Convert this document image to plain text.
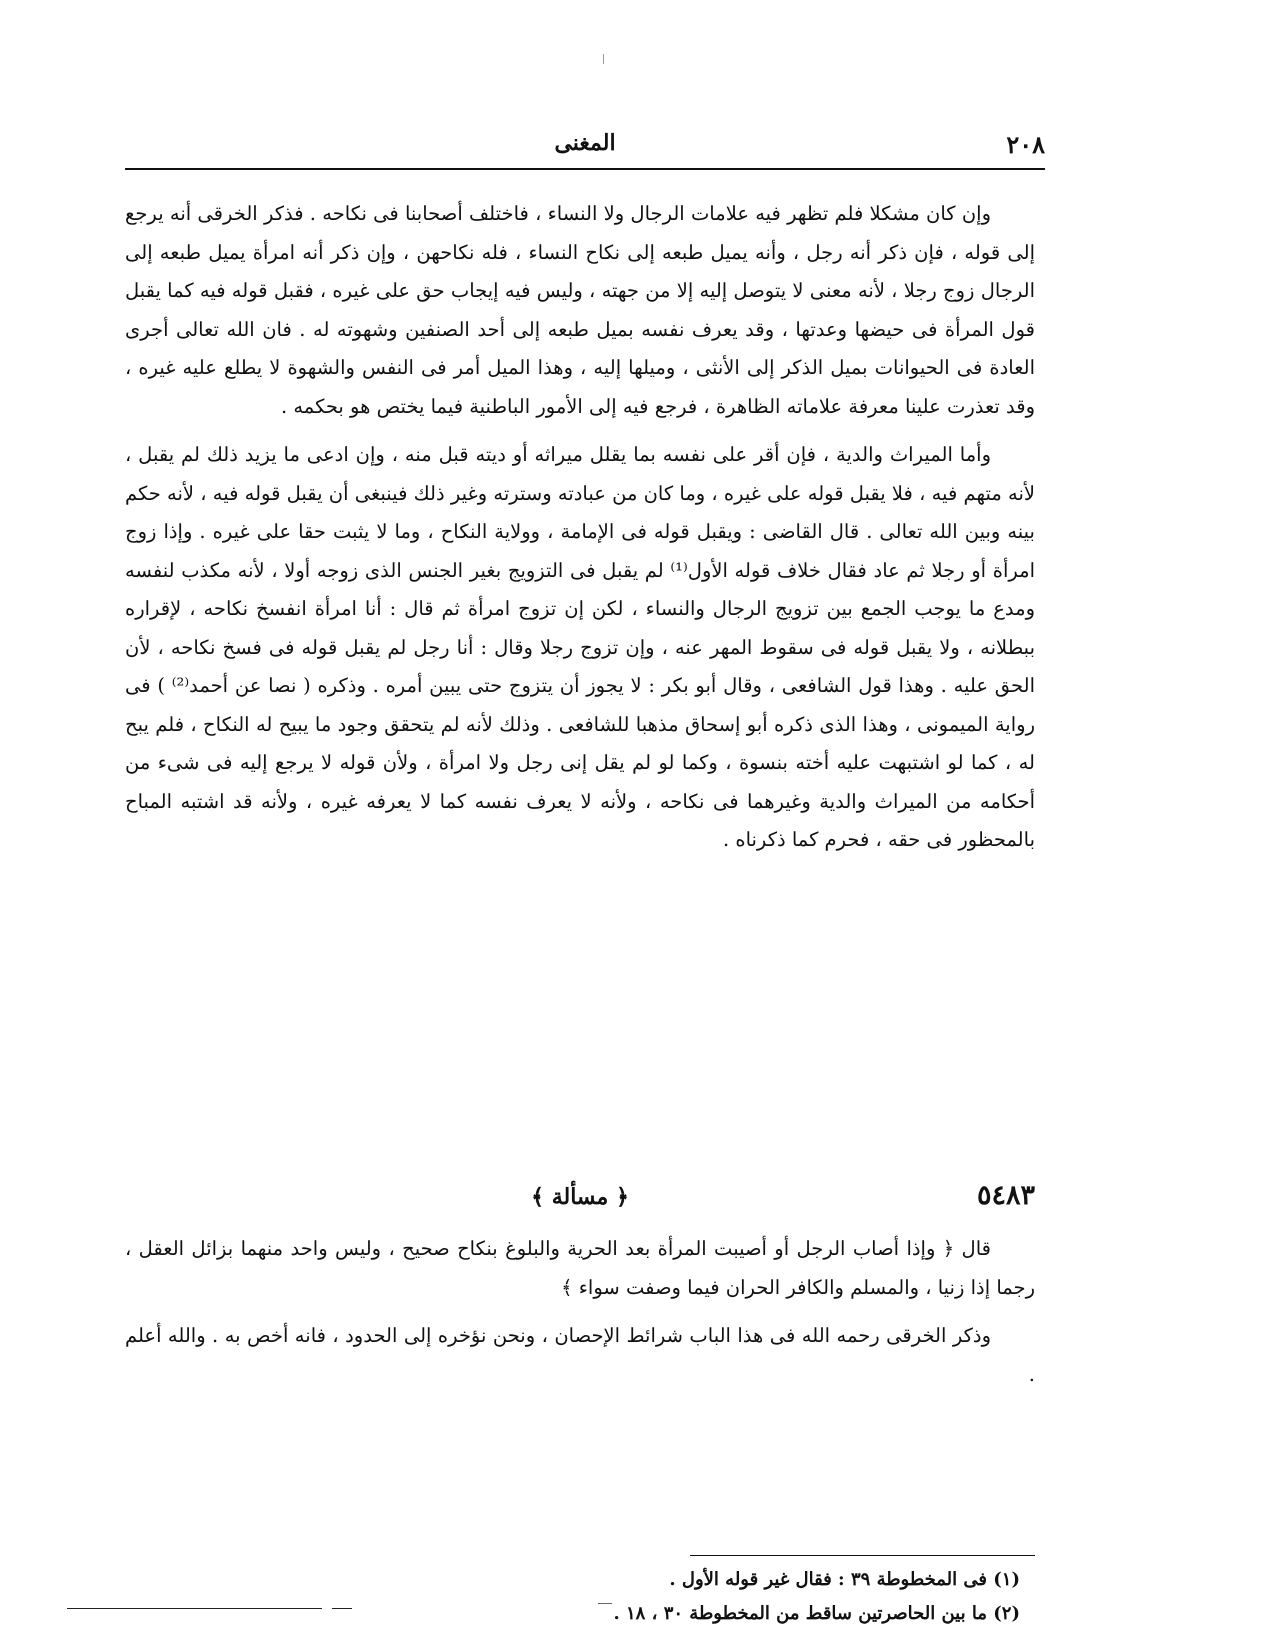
٢٠٨
المغنى

وإن كان مشكلا فلم تظهر فيه علامات الرجال ولا النساء ، فاختلف أصحابنا فى نكاحه . فذكر الخرقى أنه يرجع إلى قوله ، فإن ذكر أنه رجل ، وأنه يميل طبعه إلى نكاح النساء ، فله نكاحهن ، وإن ذكر أنه امرأة يميل طبعه إلى الرجال زوج رجلا ، لأنه معنى لا يتوصل إليه إلا من جهته ، وليس فيه إيجاب حق على غيره ، فقبل قوله فيه كما يقبل قول المرأة فى حيضها وعدتها ، وقد يعرف نفسه بميل طبعه إلى أحد الصنفين وشهوته له . فان الله تعالى أجرى العادة فى الحيوانات بميل الذكر إلى الأنثى ، وميلها إليه ، وهذا الميل أمر فى النفس والشهوة لا يطلع عليه غيره ، وقد تعذرت علينا معرفة علاماته الظاهرة ، فرجع فيه إلى الأمور الباطنية فيما يختص هو بحكمه .

وأما الميراث والدية ، فإن أقر على نفسه بما يقلل ميراثه أو ديته قبل منه ، وإن ادعى ما يزيد ذلك لم يقبل ، لأنه متهم فيه ، فلا يقبل قوله على غيره ، وما كان من عبادته وسترته وغير ذلك فينبغى أن يقبل قوله فيه ، لأنه حكم بينه وبين الله تعالى . قال القاضى : ويقبل قوله فى الإمامة ، وولاية النكاح ، وما لا يثبت حقا على غيره . وإذا زوج امرأة أو رجلا ثم عاد فقال خلاف قوله الأول⁽¹⁾ لم يقبل فى التزويج بغير الجنس الذى زوجه أولا ، لأنه مكذب لنفسه ومدع ما يوجب الجمع بين تزويج الرجال والنساء ، لكن إن تزوج امرأة ثم قال : أنا امرأة انفسخ نكاحه ، لإقراره ببطلانه ، ولا يقبل قوله فى سقوط المهر عنه ، وإن تزوج رجلا وقال : أنا رجل لم يقبل قوله فى فسخ نكاحه ، لأن الحق عليه . وهذا قول الشافعى ، وقال أبو بكر : لا يجوز أن يتزوج حتى يبين أمره . وذكره ( نصا عن أحمد⁽²⁾ ) فى رواية الميمونى ، وهذا الذى ذكره أبو إسحاق مذهبا للشافعى . وذلك لأنه لم يتحقق وجود ما يبيح له النكاح ، فلم يبح له ، كما لو اشتبهت عليه أخته بنسوة ، وكما لو لم يقل إنى رجل ولا امرأة ، ولأن قوله لا يرجع إليه فى شىء من أحكامه من الميراث والدية وغيرهما فى نكاحه ، ولأنه لا يعرف نفسه كما لا يعرفه غيره ، ولأنه قد اشتبه المباح بالمحظور فى حقه ، فحرم كما ذكرناه .

٥٤٨٣
﴿ مسألة ﴾

قال ﴿ وإذا أصاب الرجل أو أصيبت المرأة بعد الحرية والبلوغ بنكاح صحيح ، وليس واحد منهما بزائل العقل ، رجما إذا زنيا ، والمسلم والكافر الحران فيما وصفت سواء ﴾

وذكر الخرقى رحمه الله فى هذا الباب شرائط الإحصان ، ونحن نؤخره إلى الحدود ، فانه أخص به . والله أعلم .

(١) فى المخطوطة ٣٩ : فقال غير قوله الأول .

(٢) ما بين الحاصرتين ساقط من المخطوطة ٣٠ ، ١٨ .
